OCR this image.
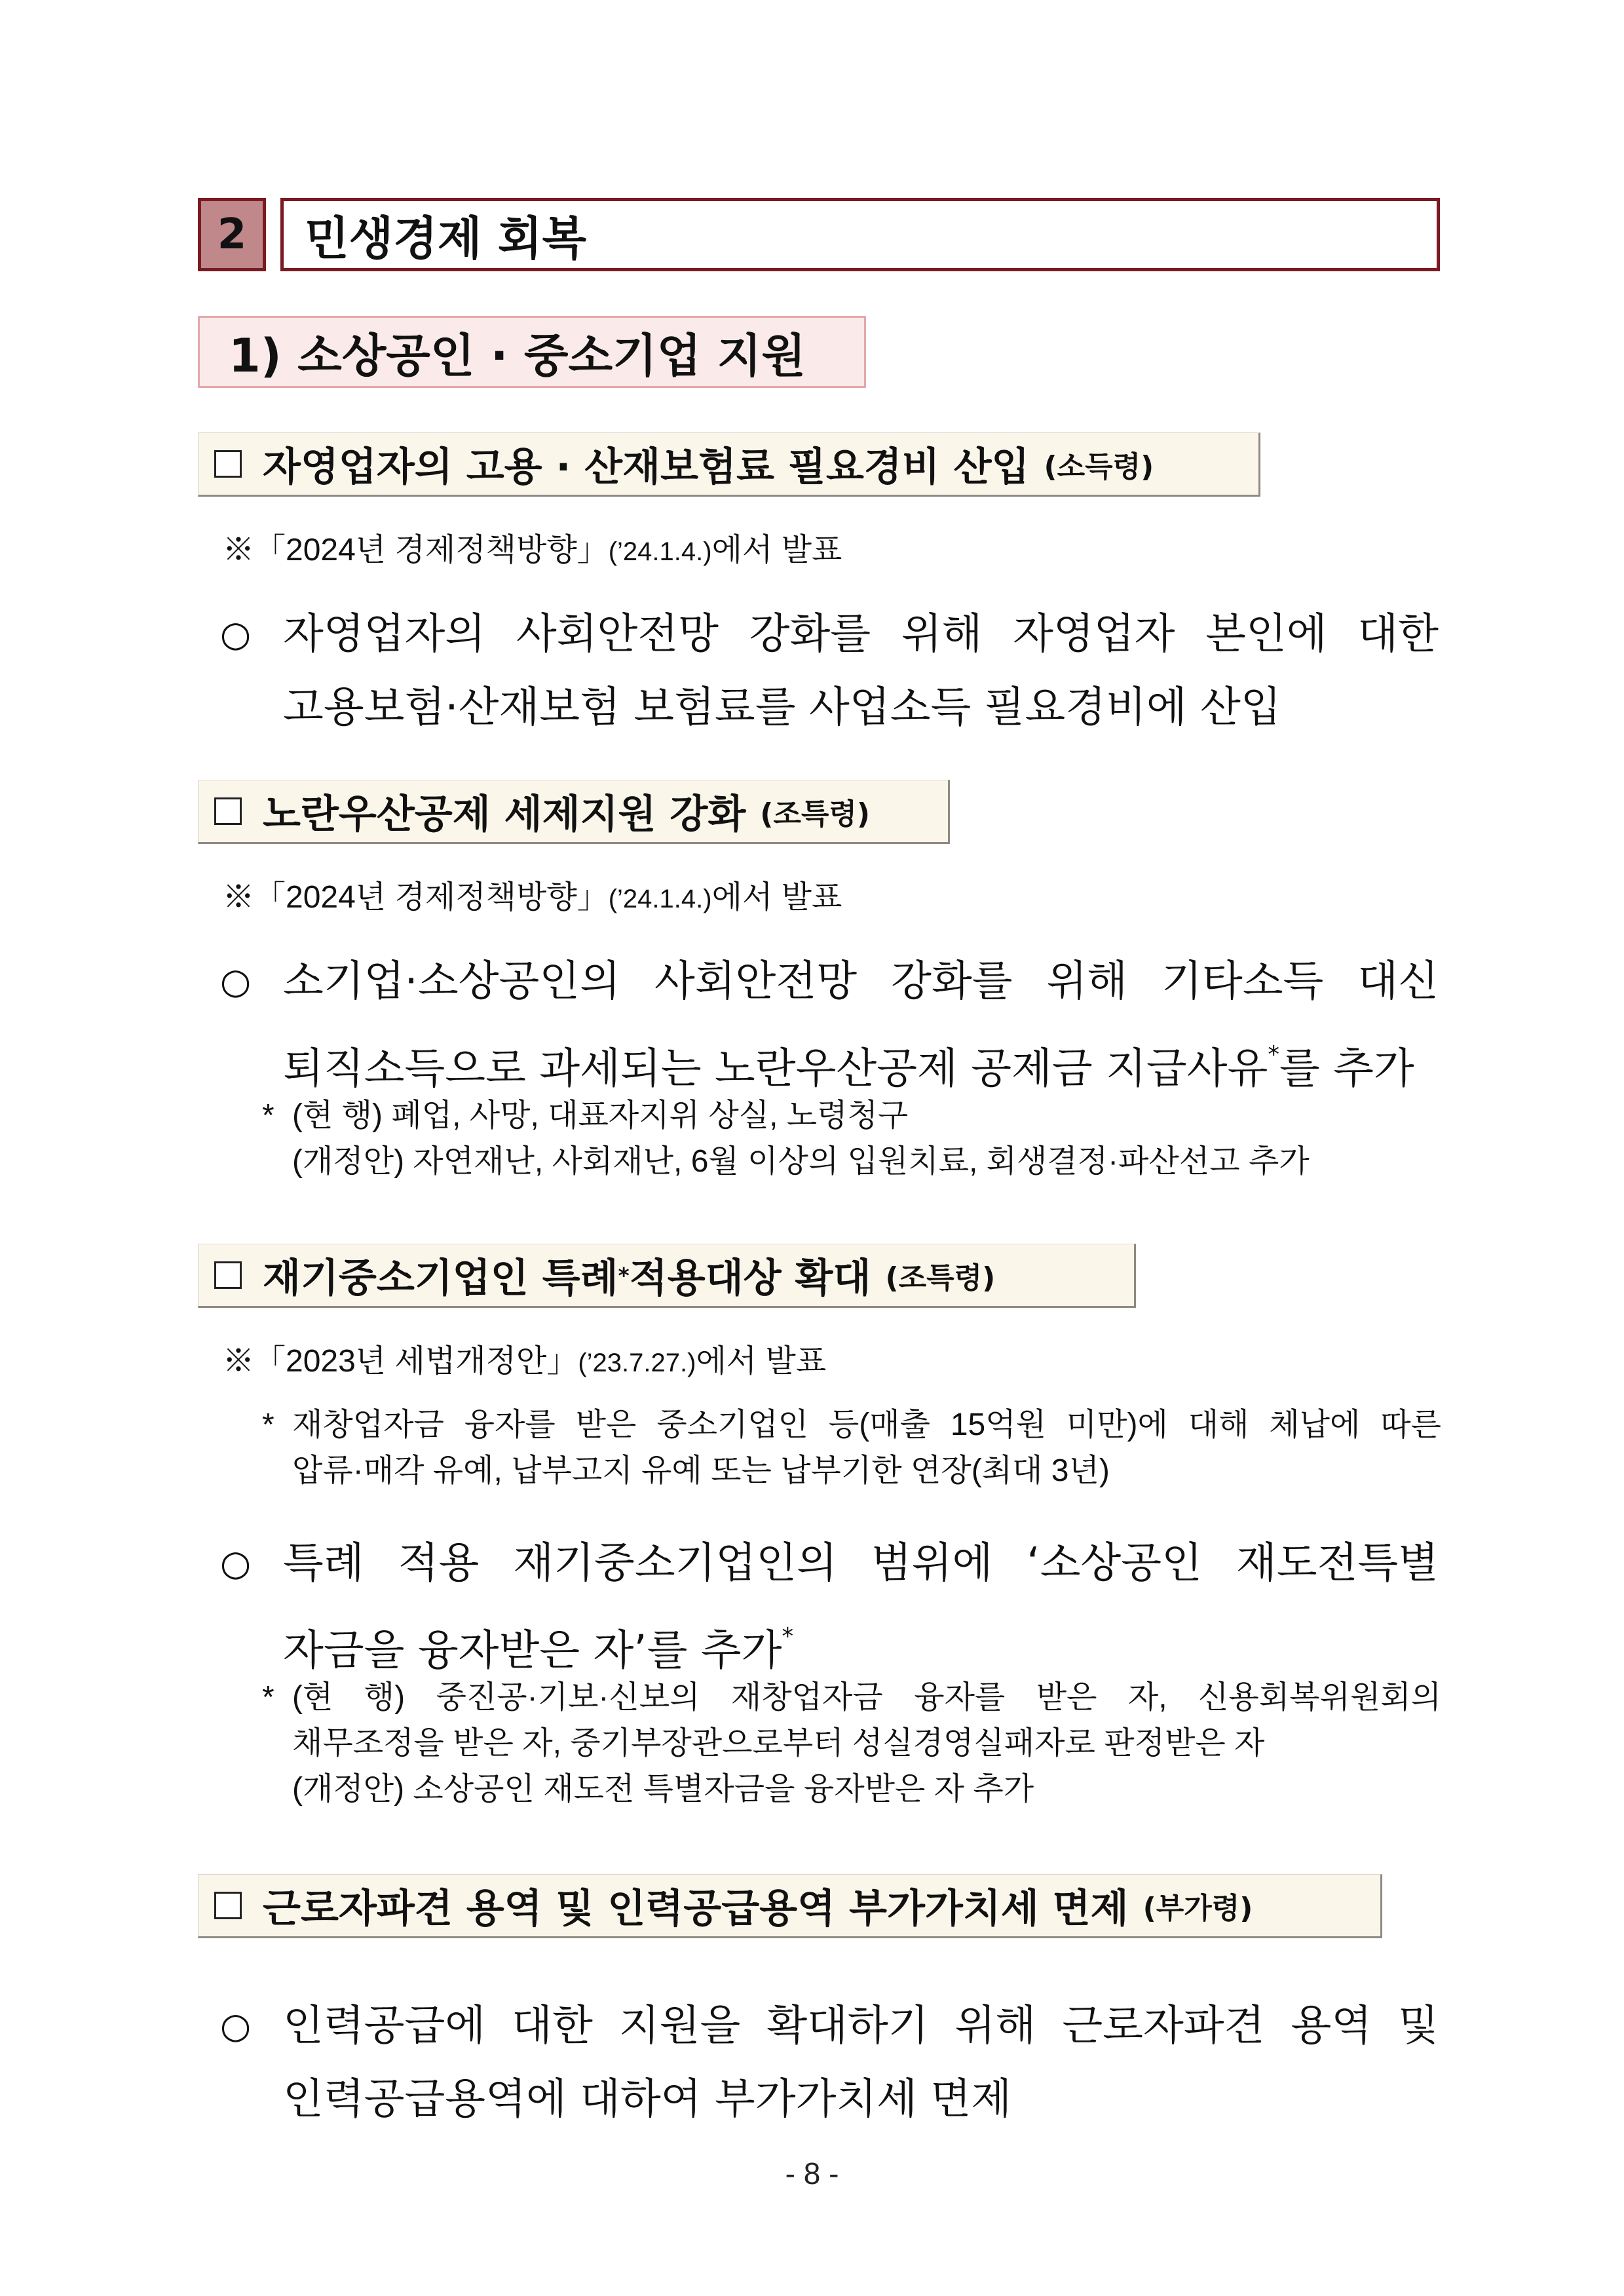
2	민생경제 회복
1) 소상공인 · 중소기업 지원
자영업자의 고용 · 산재보험료 필요경비 산입 (소득령)
※「2024년 경제정책방향」(’24.1.4.)에서 발표
○ 자영업자의 사회안전망 강화를 위해 자영업자 본인에 대한
고용보험·산재보험 보험료를 사업소득 필요경비에 산입
노란우산공제 세제지원 강화 (조특령)
※「2024년 경제정책방향」(’24.1.4.)에서 발표
○ 소기업·소상공인의 사회안전망 강화를 위해 기타소득 대신
퇴직소득으로 과세되는 노란우산공제 공제금 지급사유*를 추가
* (현 행) 폐업, 사망, 대표자지위 상실, 노령청구
(개정안) 자연재난, 사회재난, 6월 이상의 입원치료, 회생결정·파산선고 추가
재기중소기업인 특례 * 적용대상 확대 (조특령)
※「2023년 세법개정안」(’23.7.27.)에서 발표
* 재창업자금 융자를 받은 중소기업인 등(매출 15억원 미만)에 대해 체납에 따른
압류·매각 유예, 납부고지 유예 또는 납부기한 연장(최대 3년)
○ 특례 적용 재기중소기업인의 범위에 ‘소상공인 재도전특별
자금을 융자받은 자’를 추가*
* (현 행) 중진공·기보·신보의 재창업자금 융자를 받은 자, 신용회복위원회의
채무조정을 받은 자, 중기부장관으로부터 성실경영실패자로 판정받은 자
(개정안) 소상공인 재도전 특별자금을 융자받은 자 추가
근로자파견 용역 및 인력공급용역 부가가치세 면제 (부가령)
○ 인력공급에 대한 지원을 확대하기 위해 근로자파견 용역 및
인력공급용역에 대하여 부가가치세 면제
- 8 -
